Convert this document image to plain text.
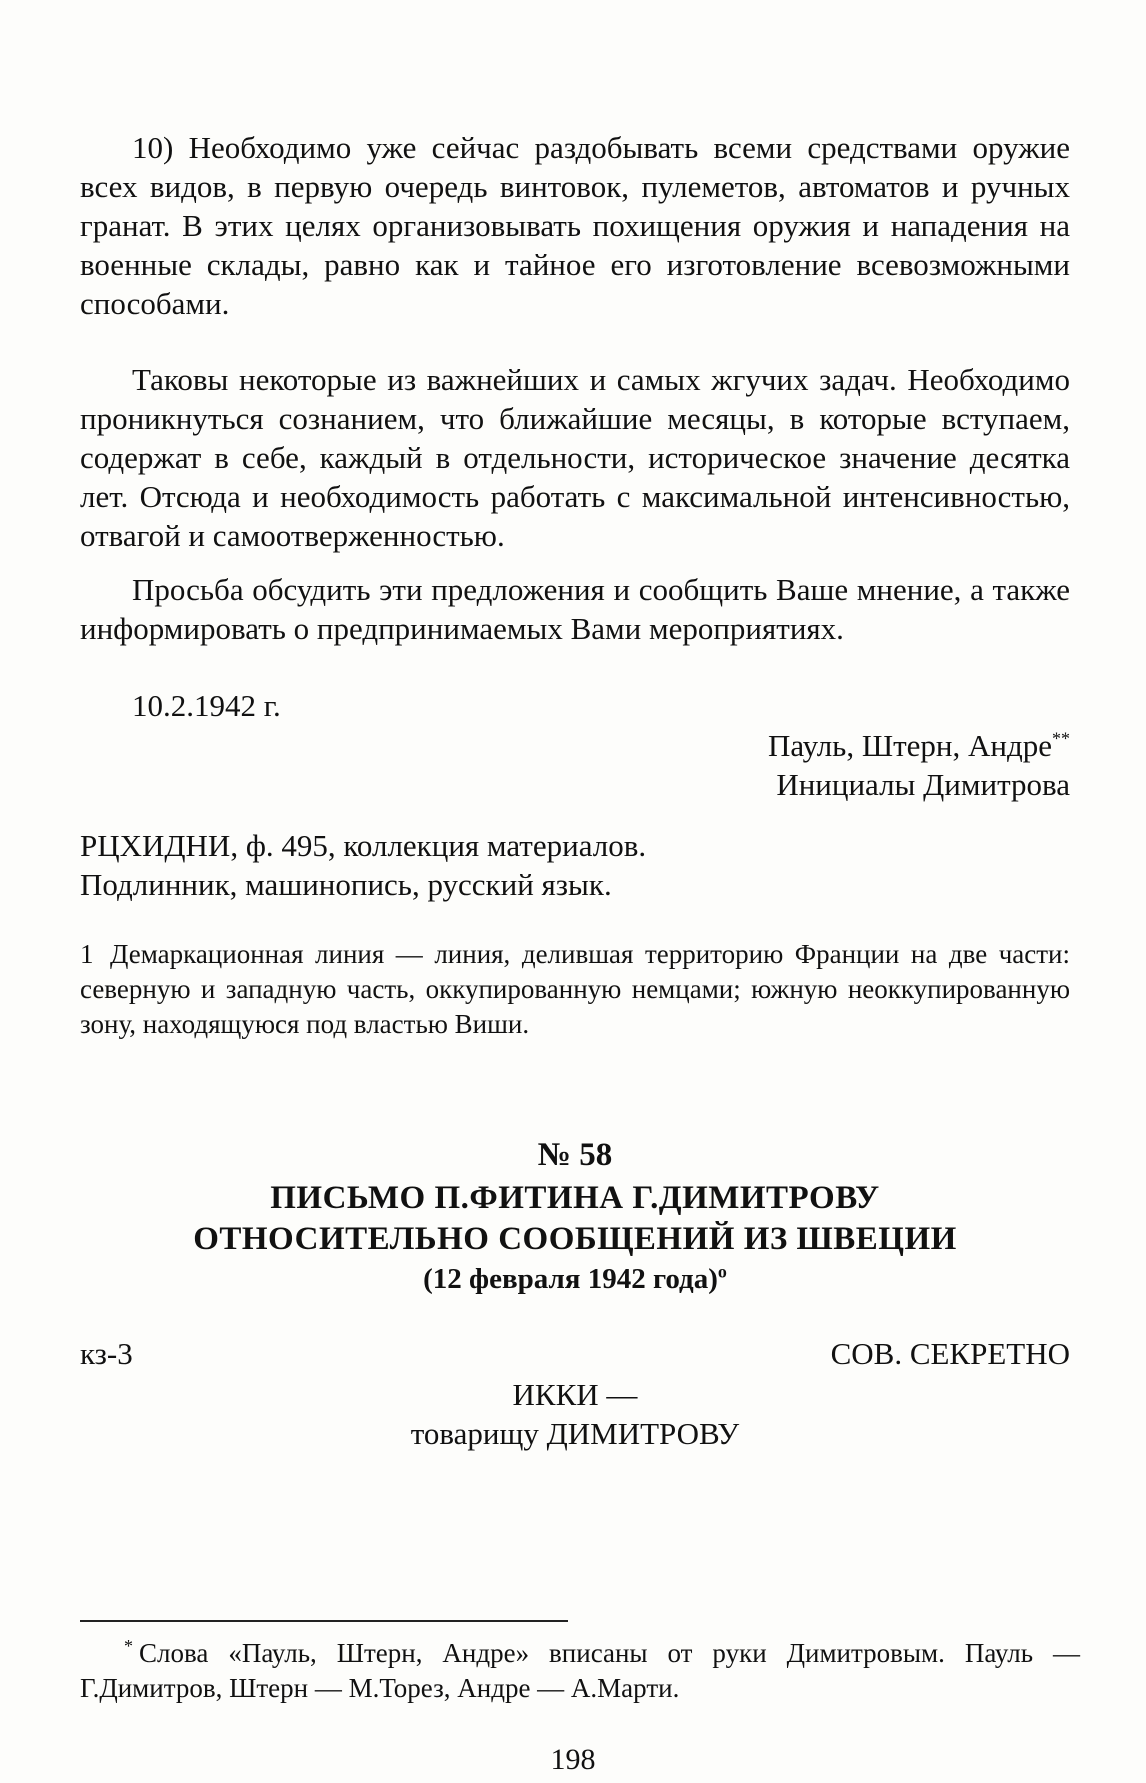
10) Необходимо уже сейчас раздобывать всеми средствами оружие всех видов, в первую очередь винтовок, пулеметов, автоматов и ручных гранат. В этих целях организовывать похищения оружия и нападения на военные склады, равно как и тайное его изготовление всевозможными способами.
Таковы некоторые из важнейших и самых жгучих задач. Необходимо проникнуться сознанием, что ближайшие месяцы, в которые вступаем, содержат в себе, каждый в отдельности, историческое значение десятка лет. Отсюда и необходимость работать с максимальной интенсивностью, отвагой и самоотверженностью.
Просьба обсудить эти предложения и сообщить Ваше мнение, а также информировать о предпринимаемых Вами мероприятиях.
10.2.1942 г.
Пауль, Штерн, Андре**
Инициалы Димитрова
РЦХИДНИ, ф. 495, коллекция материалов.
Подлинник, машинопись, русский язык.
1 Демаркационная линия — линия, делившая территорию Франции на две части: северную и западную часть, оккупированную немцами; южную неоккупированную зону, находящуюся под властью Виши.
№ 58
ПИСЬМО П.ФИТИНА Г.ДИМИТРОВУ
ОТНОСИТЕЛЬНО СООБЩЕНИЙ ИЗ ШВЕЦИИ
(12 февраля 1942 года)$^о$
кз-3	СОВ. СЕКРЕТНО
ИККИ —
товарищу ДИМИТРОВУ
* Слова «Пауль, Штерн, Андре» вписаны от руки Димитровым. Пауль — Г.Димитров, Штерн — М.Торез, Андре — А.Марти.
198
